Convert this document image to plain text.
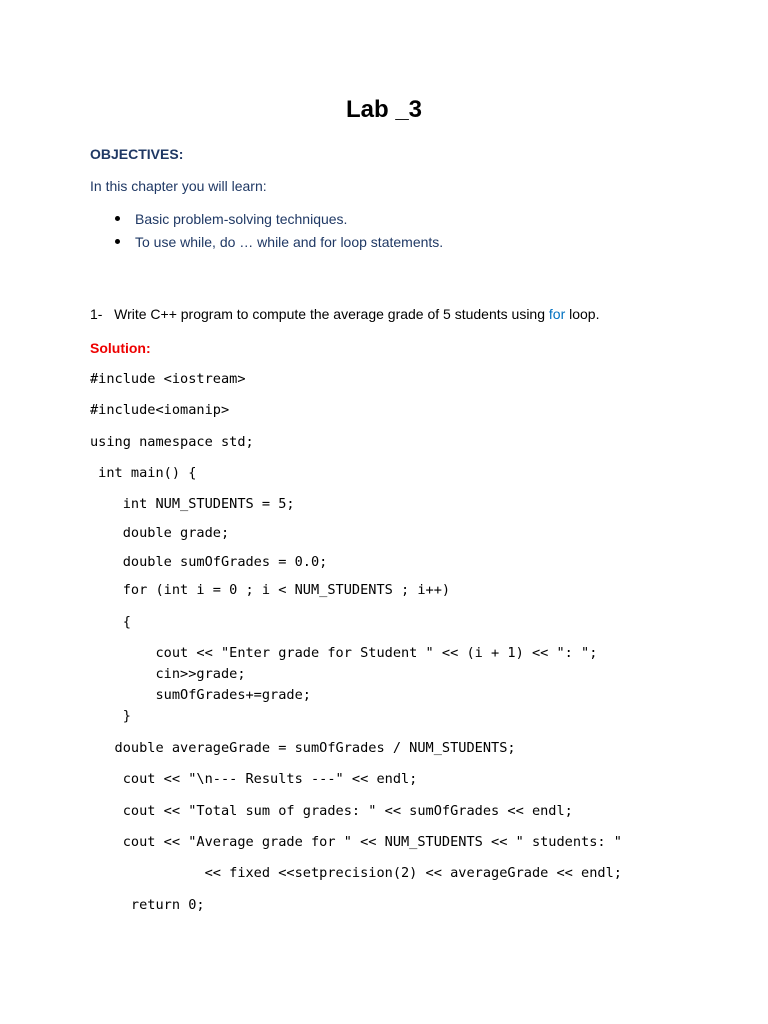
Lab _3
OBJECTIVES:
In this chapter you will learn:
Basic problem-solving techniques.
To use while, do … while and for loop statements.
1- Write C++ program to compute the average grade of 5 students using for loop.
Solution:
#include <iostream>
#include<iomanip>
using namespace std;
int main() {
int NUM_STUDENTS = 5;
double grade;
double sumOfGrades = 0.0;
for (int i = 0 ; i < NUM_STUDENTS ; i++)
{
cout << "Enter grade for Student " << (i + 1) << ": ";
cin>>grade;
sumOfGrades+=grade;
}
double averageGrade = sumOfGrades / NUM_STUDENTS;
cout << "\n--- Results ---" << endl;
cout << "Total sum of grades: " << sumOfGrades << endl;
cout << "Average grade for " << NUM_STUDENTS << " students: "
<< fixed <<setprecision(2) << averageGrade << endl;
return 0;
